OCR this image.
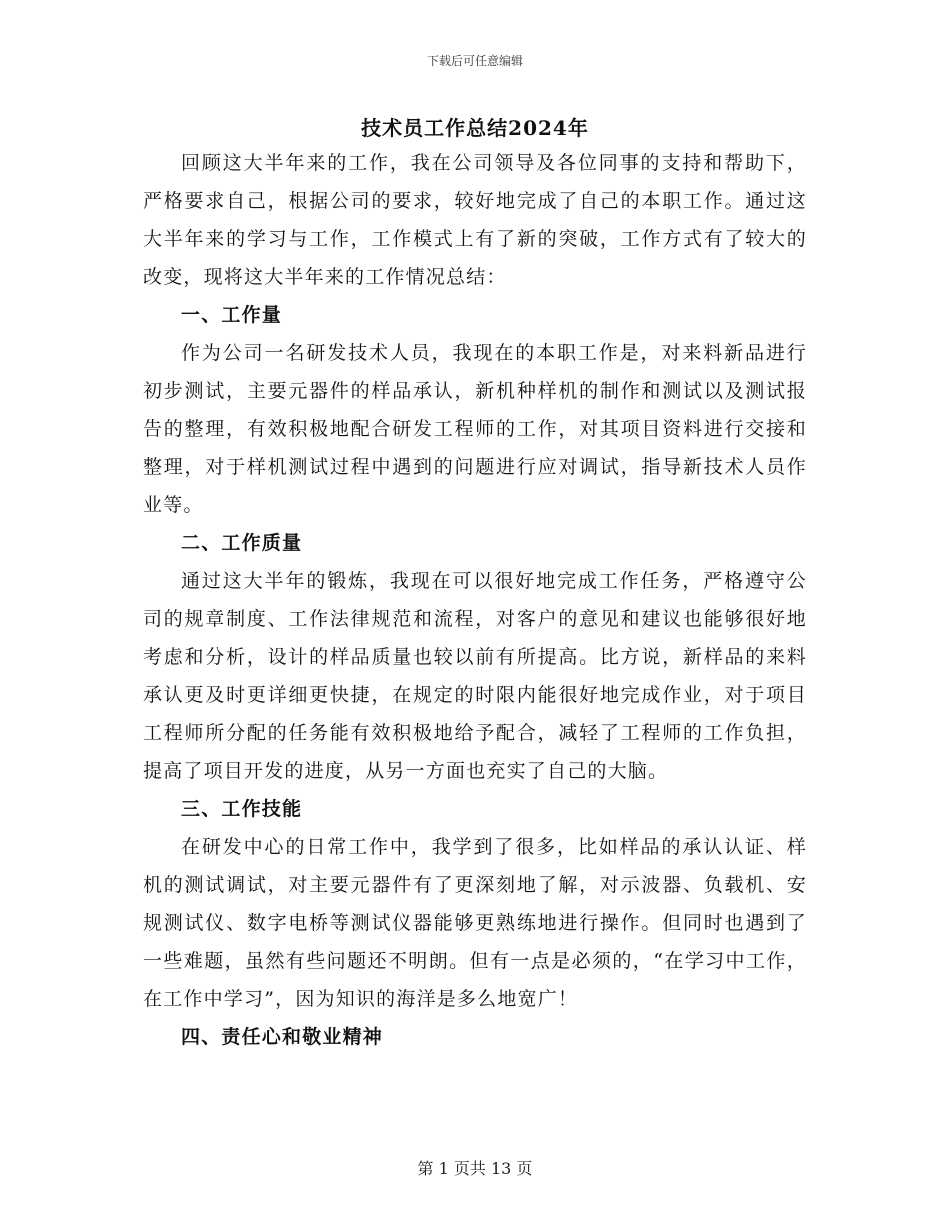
下载后可任意编辑
技术员工作总结2024年

回顾这大半年来的工作，我在公司领导及各位同事的支持和帮助下，严格要求自己，根据公司的要求，较好地完成了自己的本职工作。通过这大半年来的学习与工作，工作模式上有了新的突破，工作方式有了较大的改变，现将这大半年来的工作情况总结：

一、工作量

作为公司一名研发技术人员，我现在的本职工作是，对来料新品进行初步测试，主要元器件的样品承认，新机种样机的制作和测试以及测试报告的整理，有效积极地配合研发工程师的工作，对其项目资料进行交接和整理，对于样机测试过程中遇到的问题进行应对调试，指导新技术人员作业等。

二、工作质量

通过这大半年的锻炼，我现在可以很好地完成工作任务，严格遵守公司的规章制度、工作法律规范和流程，对客户的意见和建议也能够很好地考虑和分析，设计的样品质量也较以前有所提高。比方说，新样品的来料承认更及时更详细更快捷，在规定的时限内能很好地完成作业，对于项目工程师所分配的任务能有效积极地给予配合，减轻了工程师的工作负担，提高了项目开发的进度，从另一方面也充实了自己的大脑。

三、工作技能

在研发中心的日常工作中，我学到了很多，比如样品的承认认证、样机的测试调试，对主要元器件有了更深刻地了解，对示波器、负载机、安规测试仪、数字电桥等测试仪器能够更熟练地进行操作。但同时也遇到了一些难题，虽然有些问题还不明朗。但有一点是必须的，“在学习中工作，在工作中学习”，因为知识的海洋是多么地宽广！

四、责任心和敬业精神

第 1 页共 13 页
